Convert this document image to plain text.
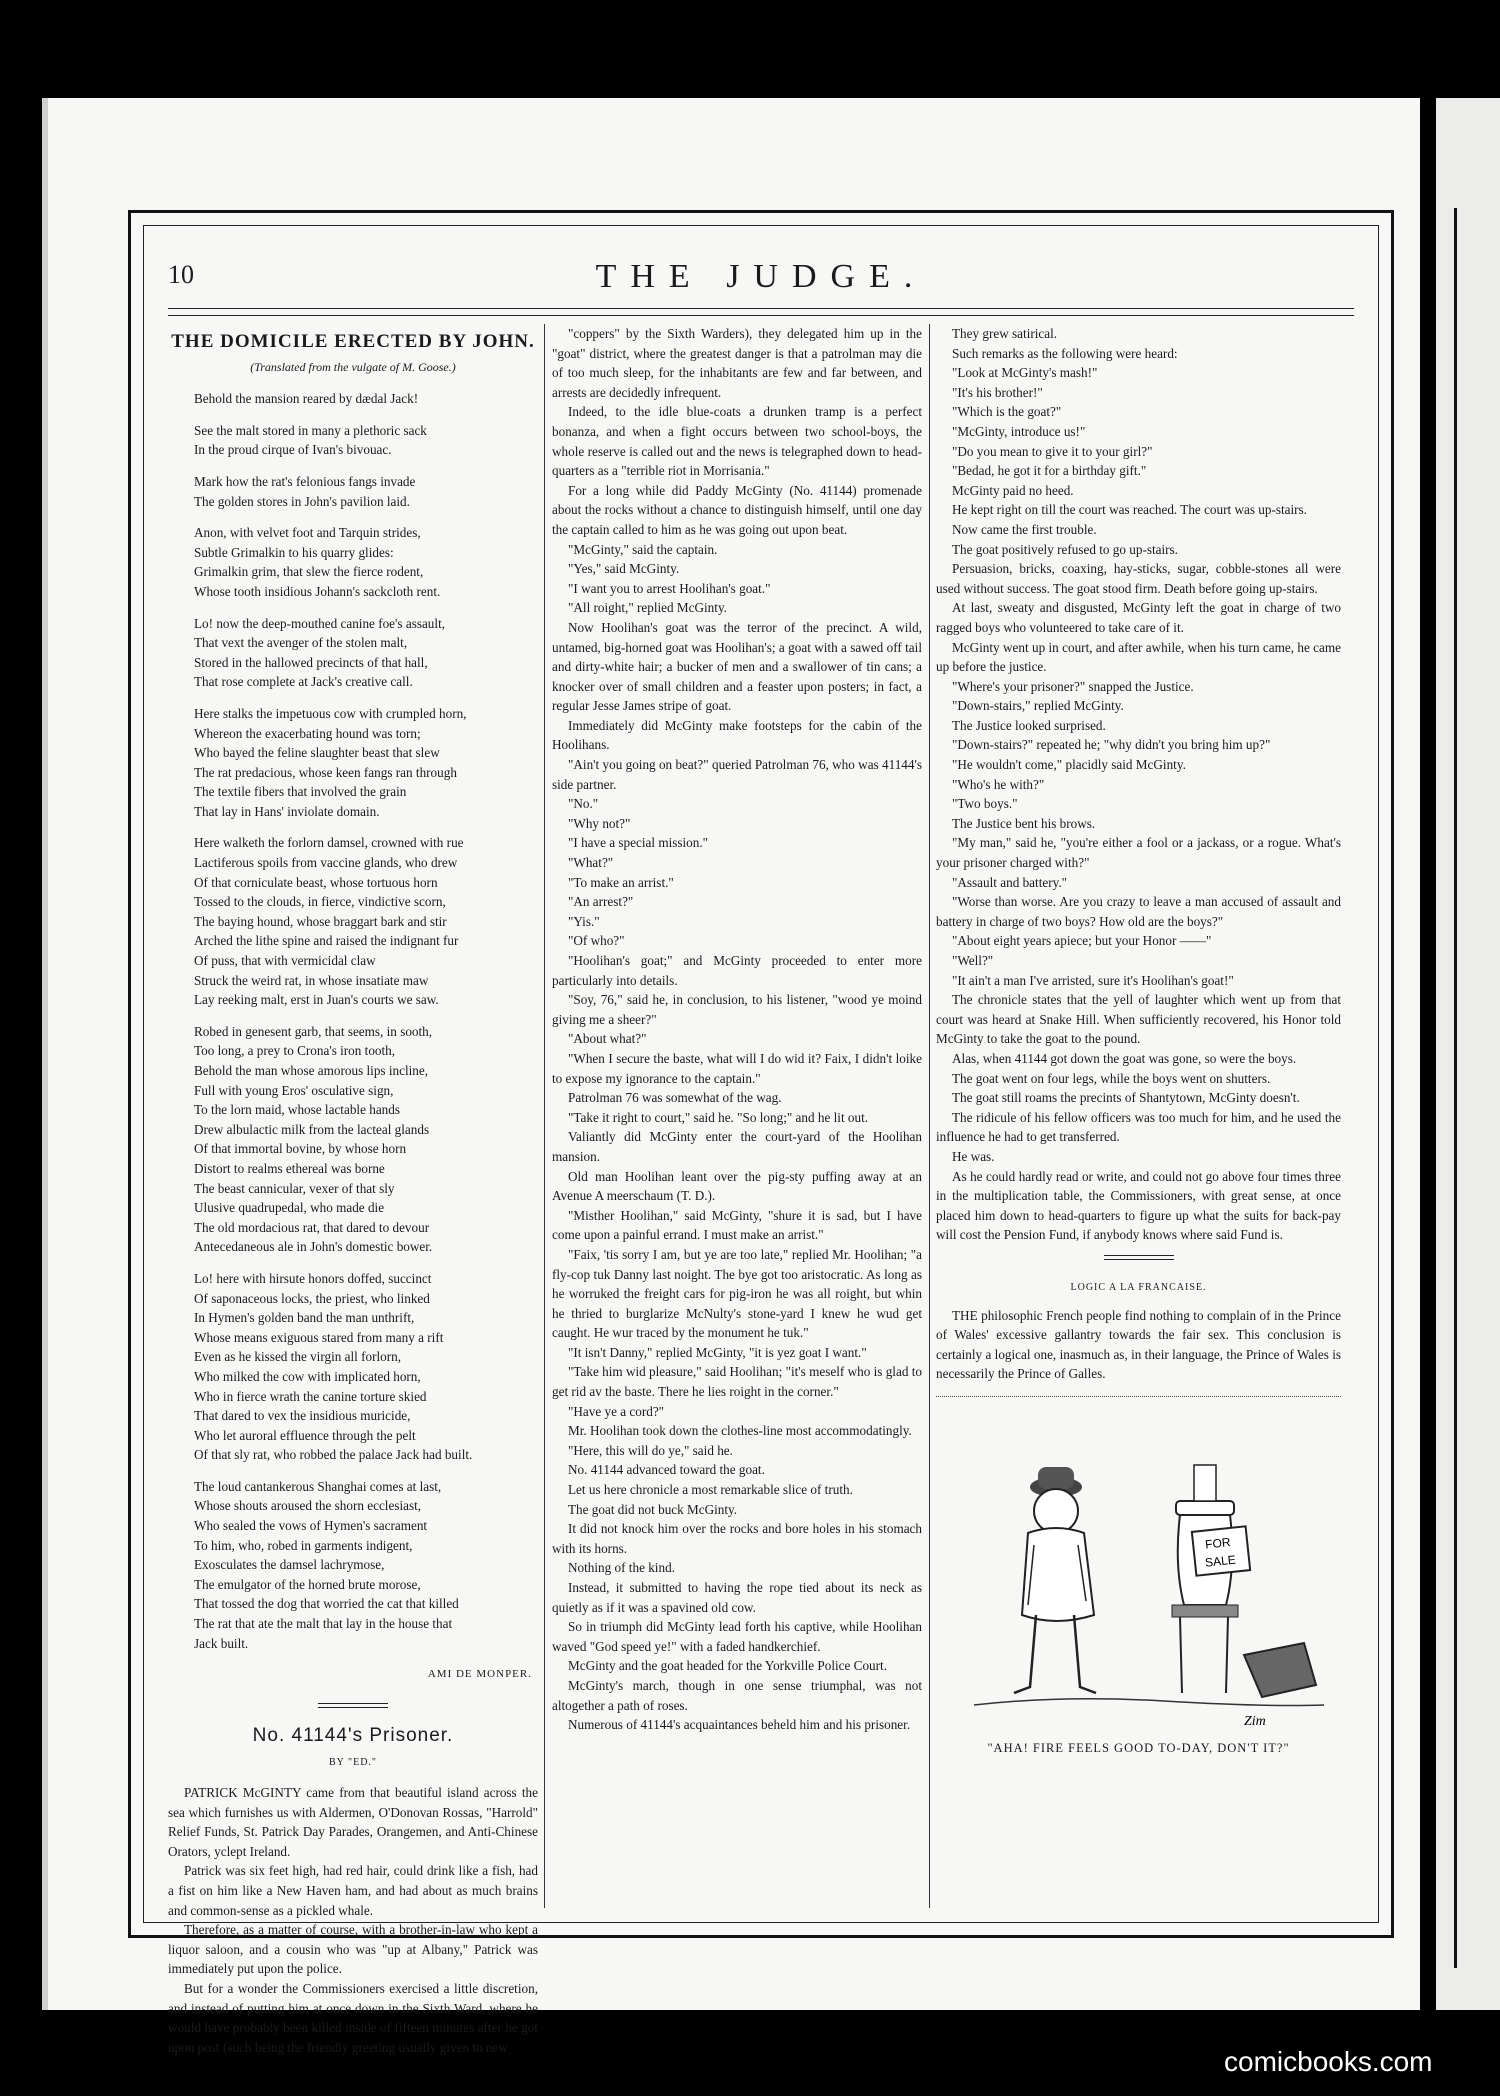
10	THE JUDGE.
THE DOMICILE ERECTED BY JOHN.
(Translated from the vulgate of M. Goose.)

Behold the mansion reared by dædal Jack!

See the malt stored in many a plethoric sack

In the proud cirque of Ivan's bivouac.

Mark how the rat's felonious fangs invade

The golden stores in John's pavilion laid.

Anon, with velvet foot and Tarquin strides,

Subtle Grimalkin to his quarry glides:

Grimalkin grim, that slew the fierce rodent,

Whose tooth insidious Johann's sackcloth rent.

Lo! now the deep-mouthed canine foe's assault,

That vext the avenger of the stolen malt,

Stored in the hallowed precincts of that hall,

That rose complete at Jack's creative call.

Here stalks the impetuous cow with crumpled horn,

Whereon the exacerbating hound was torn;

Who bayed the feline slaughter beast that slew

The rat predacious, whose keen fangs ran through

The textile fibers that involved the grain

That lay in Hans' inviolate domain.

Here walketh the forlorn damsel, crowned with rue

Lactiferous spoils from vaccine glands, who drew

Of that corniculate beast, whose tortuous horn

Tossed to the clouds, in fierce, vindictive scorn,

The baying hound, whose braggart bark and stir

Arched the lithe spine and raised the indignant fur

Of puss, that with vermicidal claw

Struck the weird rat, in whose insatiate maw

Lay reeking malt, erst in Juan's courts we saw.

Robed in genesent garb, that seems, in sooth,

Too long, a prey to Crona's iron tooth,

Behold the man whose amorous lips incline,

Full with young Eros' osculative sign,

To the lorn maid, whose lactable hands

Drew albulactic milk from the lacteal glands

Of that immortal bovine, by whose horn

Distort to realms ethereal was borne

The beast cannicular, vexer of that sly

Ulusive quadrupedal, who made die

The old mordacious rat, that dared to devour

Antecedaneous ale in John's domestic bower.

Lo! here with hirsute honors doffed, succinct

Of saponaceous locks, the priest, who linked

In Hymen's golden band the man unthrift,

Whose means exiguous stared from many a rift

Even as he kissed the virgin all forlorn,

Who milked the cow with implicated horn,

Who in fierce wrath the canine torture skied

That dared to vex the insidious muricide,

Who let auroral effluence through the pelt

Of that sly rat, who robbed the palace Jack had built.

The loud cantankerous Shanghai comes at last,

Whose shouts aroused the shorn ecclesiast,

Who sealed the vows of Hymen's sacrament

To him, who, robed in garments indigent,

Exosculates the damsel lachrymose,

The emulgator of the horned brute morose,

That tossed the dog that worried the cat that killed

The rat that ate the malt that lay in the house that

Jack built.

AMI DE MONPER.
No. 41144's Prisoner.
BY "ED."

PATRICK McGINTY came from that beautiful island across the sea which furnishes us with Aldermen, O'Donovan Rossas, "Harrold" Relief Funds, St. Patrick Day Parades, Orangemen, and Anti-Chinese Orators, yclept Ireland.

Patrick was six feet high, had red hair, could drink like a fish, had a fist on him like a New Haven ham, and had about as much brains and common-sense as a pickled whale.

Therefore, as a matter of course, with a brother-in-law who kept a liquor saloon, and a cousin who was "up at Albany," Patrick was immediately put upon the police.

But for a wonder the Commissioners exercised a little discretion, and instead of putting him at once down in the Sixth Ward, where he would have probably been killed inside of fifteen minutes after he got upon post (such being the friendly greeting usually given to new

"coppers" by the Sixth Warders), they delegated him up in the "goat" district, where the greatest danger is that a patrolman may die of too much sleep, for the inhabitants are few and far between, and arrests are decidedly infrequent.

Indeed, to the idle blue-coats a drunken tramp is a perfect bonanza, and when a fight occurs between two school-boys, the whole reserve is called out and the news is telegraphed down to head-quarters as a "terrible riot in Morrisania."

For a long while did Paddy McGinty (No. 41144) promenade about the rocks without a chance to distinguish himself, until one day the captain called to him as he was going out upon beat.

"McGinty," said the captain.

"Yes," said McGinty.

"I want you to arrest Hoolihan's goat."

"All roight," replied McGinty.

Now Hoolihan's goat was the terror of the precinct. A wild, untamed, big-horned goat was Hoolihan's; a goat with a sawed off tail and dirty-white hair; a bucker of men and a swallower of tin cans; a knocker over of small children and a feaster upon posters; in fact, a regular Jesse James stripe of goat.

Immediately did McGinty make footsteps for the cabin of the Hoolihans.

"Ain't you going on beat?" queried Patrolman 76, who was 41144's side partner.

"No."

"Why not?"

"I have a special mission."

"What?"

"To make an arrist."

"An arrest?"

"Yis."

"Of who?"

"Hoolihan's goat;" and McGinty proceeded to enter more particularly into details.

"Soy, 76," said he, in conclusion, to his listener, "wood ye moind giving me a sheer?"

"About what?"

"When I secure the baste, what will I do wid it? Faix, I didn't loike to expose my ignorance to the captain."

Patrolman 76 was somewhat of the wag.

"Take it right to court," said he. "So long;" and he lit out.

Valiantly did McGinty enter the court-yard of the Hoolihan mansion.

Old man Hoolihan leant over the pig-sty puffing away at an Avenue A meerschaum (T. D.).

"Misther Hoolihan," said McGinty, "shure it is sad, but I have come upon a painful errand. I must make an arrist."

"Faix, 'tis sorry I am, but ye are too late," replied Mr. Hoolihan; "a fly-cop tuk Danny last noight. The bye got too aristocratic. As long as he worruked the freight cars for pig-iron he was all roight, but whin he thried to burglarize McNulty's stone-yard I knew he wud get caught. He wur traced by the monument he tuk."

"It isn't Danny," replied McGinty, "it is yez goat I want."

"Take him wid pleasure," said Hoolihan; "it's meself who is glad to get rid av the baste. There he lies roight in the corner."

"Have ye a cord?"

Mr. Hoolihan took down the clothes-line most accommodatingly.

"Here, this will do ye," said he.

No. 41144 advanced toward the goat.

Let us here chronicle a most remarkable slice of truth.

The goat did not buck McGinty.

It did not knock him over the rocks and bore holes in his stomach with its horns.

Nothing of the kind.

Instead, it submitted to having the rope tied about its neck as quietly as if it was a spavined old cow.

So in triumph did McGinty lead forth his captive, while Hoolihan waved "God speed ye!" with a faded handkerchief.

McGinty and the goat headed for the Yorkville Police Court.

McGinty's march, though in one sense triumphal, was not altogether a path of roses.

Numerous of 41144's acquaintances beheld him and his prisoner.

They grew satirical.

Such remarks as the following were heard:

"Look at McGinty's mash!"

"It's his brother!"

"Which is the goat?"

"McGinty, introduce us!"

"Do you mean to give it to your girl?"

"Bedad, he got it for a birthday gift."

McGinty paid no heed.

He kept right on till the court was reached. The court was up-stairs.

Now came the first trouble.

The goat positively refused to go up-stairs.

Persuasion, bricks, coaxing, hay-sticks, sugar, cobble-stones all were used without success. The goat stood firm. Death before going up-stairs.

At last, sweaty and disgusted, McGinty left the goat in charge of two ragged boys who volunteered to take care of it.

McGinty went up in court, and after awhile, when his turn came, he came up before the justice.

"Where's your prisoner?" snapped the Justice.

"Down-stairs," replied McGinty.

The Justice looked surprised.

"Down-stairs?" repeated he; "why didn't you bring him up?"

"He wouldn't come," placidly said McGinty.

"Who's he with?"

"Two boys."

The Justice bent his brows.

"My man," said he, "you're either a fool or a jackass, or a rogue. What's your prisoner charged with?"

"Assault and battery."

"Worse than worse. Are you crazy to leave a man accused of assault and battery in charge of two boys? How old are the boys?"

"About eight years apiece; but your Honor ——"

"Well?"

"It ain't a man I've arristed, sure it's Hoolihan's goat!"

The chronicle states that the yell of laughter which went up from that court was heard at Snake Hill. When sufficiently recovered, his Honor told McGinty to take the goat to the pound.

Alas, when 41144 got down the goat was gone, so were the boys.

The goat went on four legs, while the boys went on shutters.

The goat still roams the precints of Shantytown, McGinty doesn't.

The ridicule of his fellow officers was too much for him, and he used the influence he had to get transferred.

He was.

As he could hardly read or write, and could not go above four times three in the multiplication table, the Commissioners, with great sense, at once placed him down to head-quarters to figure up what the suits for back-pay will cost the Pension Fund, if anybody knows where said Fund is.

LOGIC A LA FRANCAISE.

THE philosophic French people find nothing to complain of in the Prince of Wales' excessive gallantry towards the fair sex. This conclusion is certainly a logical one, inasmuch as, in their language, the Prince of Wales is necessarily the Prince of Galles.

FOR
SALE
Zim
"AHA! FIRE FEELS GOOD TO-DAY, DON'T IT?"
comicbooks.com
